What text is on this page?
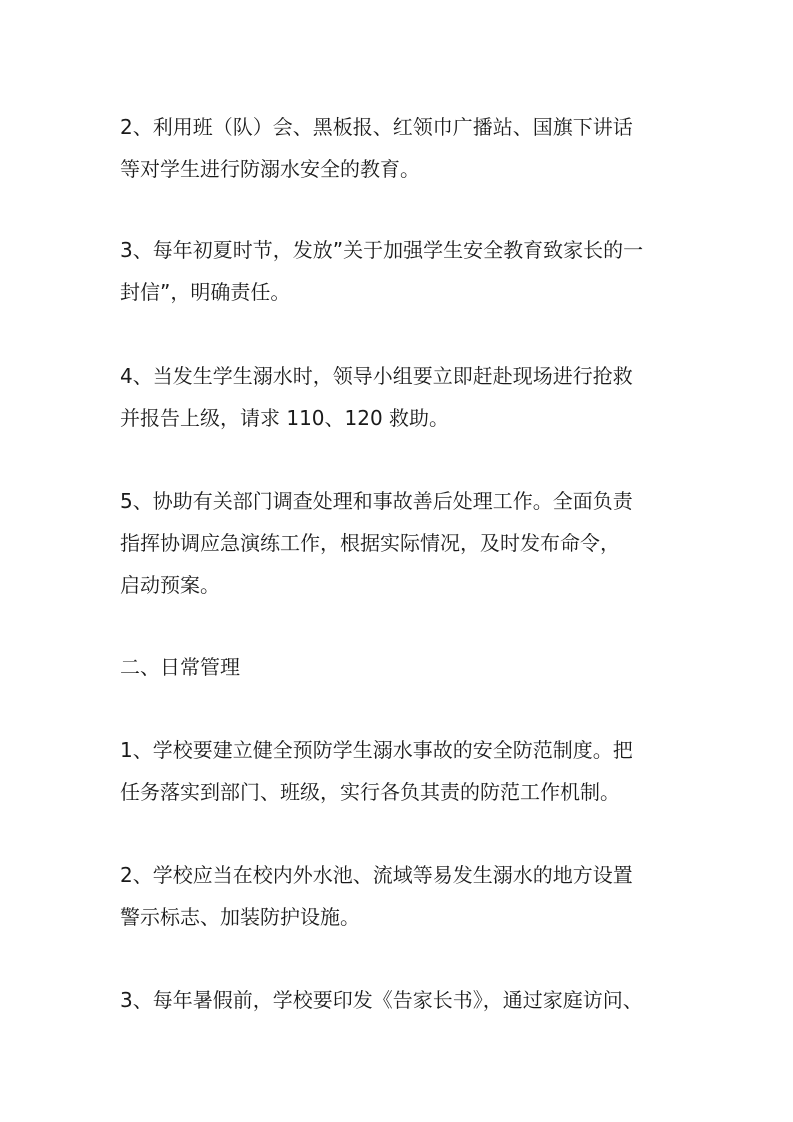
2、利用班（队）会、黑板报、红领巾广播站、国旗下讲话
等对学生进行防溺水安全的教育。

3、每年初夏时节，发放”关于加强学生安全教育致家长的一
封信”，明确责任。

4、当发生学生溺水时，领导小组要立即赶赴现场进行抢救
并报告上级，请求 110、120 救助。

5、协助有关部门调查处理和事故善后处理工作。全面负责
指挥协调应急演练工作，根据实际情况，及时发布命令，
启动预案。

二、日常管理

1、学校要建立健全预防学生溺水事故的安全防范制度。把
任务落实到部门、班级，实行各负其责的防范工作机制。

2、学校应当在校内外水池、流域等易发生溺水的地方设置
警示标志、加装防护设施。

3、每年暑假前，学校要印发《告家长书》，通过家庭访问、
